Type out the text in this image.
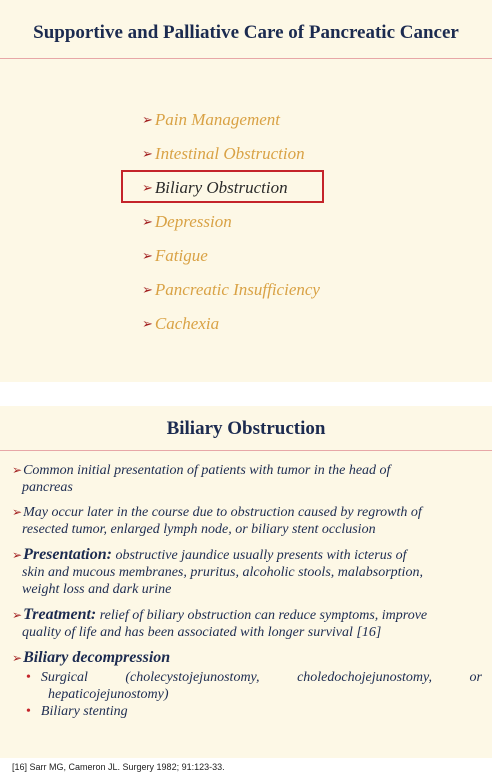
Supportive and Palliative Care of Pancreatic Cancer
➢ Pain Management
➢ Intestinal Obstruction
➢ Biliary Obstruction
➢ Depression
➢ Fatigue
➢ Pancreatic Insufficiency
➢ Cachexia
Biliary Obstruction
➢Common initial presentation of patients with tumor in the head of
pancreas
➢May occur later in the course due to obstruction caused by regrowth of
resected tumor, enlarged lymph node, or biliary stent occlusion
➢Presentation: obstructive jaundice usually presents with icterus of
skin and mucous membranes, pruritus, alcoholic stools, malabsorption,
weight loss and dark urine
➢Treatment: relief of biliary obstruction can reduce symptoms, improve
quality of life and has been associated with longer survival [16]
➢Biliary decompression
• Surgical	(cholecystojejunostomy,	choledochojejunostomy,	or
hepaticojejunostomy)
• Biliary stenting
[16] Sarr MG, Cameron JL. Surgery 1982; 91:123-33.
